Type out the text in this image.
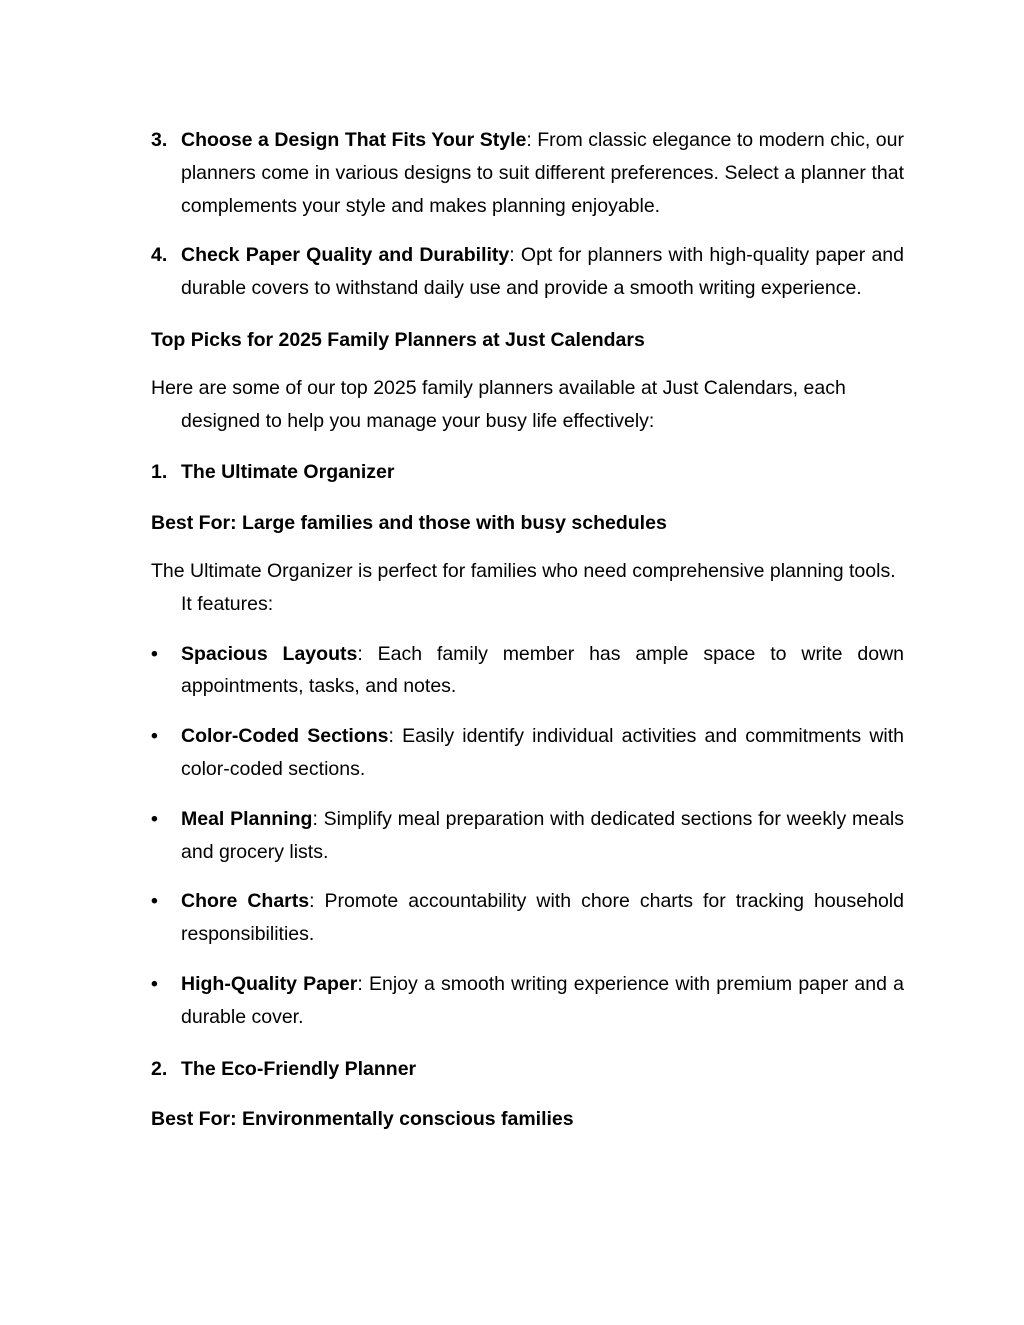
3. Choose a Design That Fits Your Style: From classic elegance to modern chic, our planners come in various designs to suit different preferences. Select a planner that complements your style and makes planning enjoyable.

4. Check Paper Quality and Durability: Opt for planners with high-quality paper and durable covers to withstand daily use and provide a smooth writing experience.

Top Picks for 2025 Family Planners at Just Calendars

Here are some of our top 2025 family planners available at Just Calendars, each designed to help you manage your busy life effectively:

1. The Ultimate Organizer

Best For: Large families and those with busy schedules

The Ultimate Organizer is perfect for families who need comprehensive planning tools. It features:

• Spacious Layouts: Each family member has ample space to write down appointments, tasks, and notes.

• Color-Coded Sections: Easily identify individual activities and commitments with color-coded sections.

• Meal Planning: Simplify meal preparation with dedicated sections for weekly meals and grocery lists.

• Chore Charts: Promote accountability with chore charts for tracking household responsibilities.

• High-Quality Paper: Enjoy a smooth writing experience with premium paper and a durable cover.

2. The Eco-Friendly Planner

Best For: Environmentally conscious families
